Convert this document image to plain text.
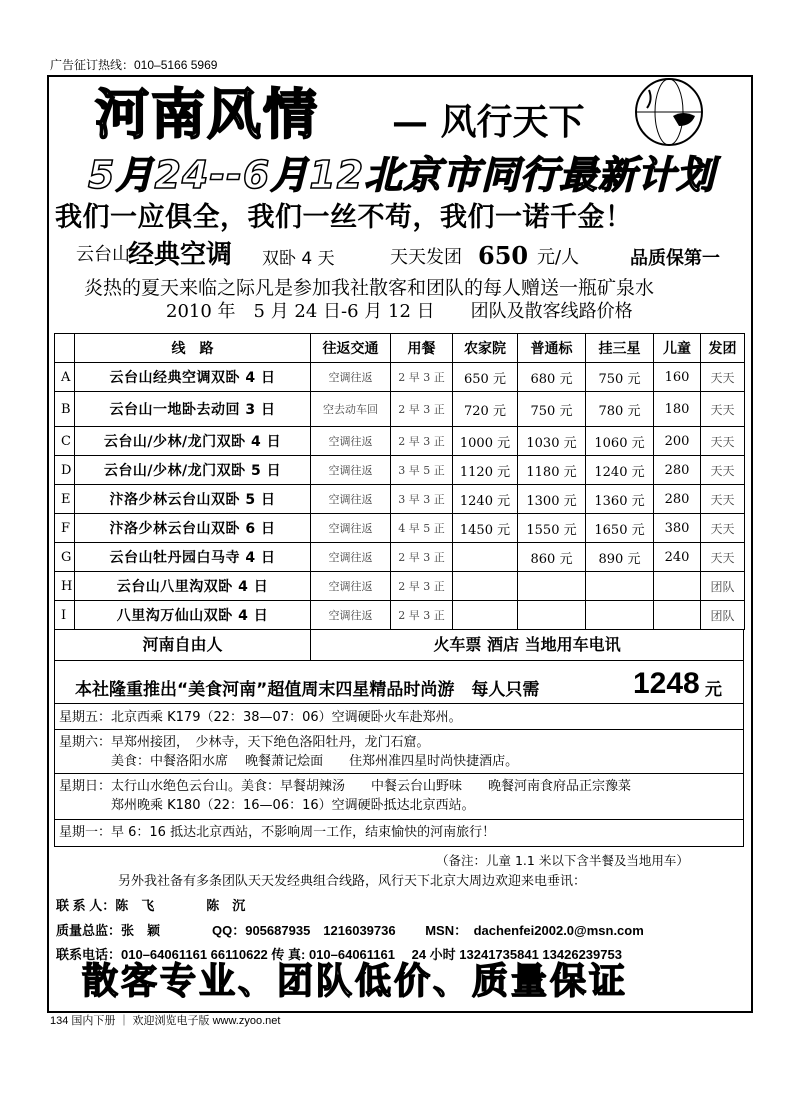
广告征订热线：010–5166 5969
河南风情 — 风行天下
5月24--6月12北京市同行最新计划
我们一应俱全，我们一丝不苟，我们一诺千金！
云台山
经典空调 双卧 4 天	天天发团 650 元/人	品质保第一
炎热的夏天来临之际凡是参加我社散客和团队的每人赠送一瓶矿泉水
2010 年　5 月 24 日-6 月 12 日　　团队及散客线路价格
	线　路	往返交通	用餐	农家院	普通标	挂三星	儿童	发团
A	云台山经典空调双卧 4 日	空调往返	2 早 3 正	650 元	680 元	750 元	160	天天
B	云台山一地卧去动回 3 日	空去动车回	2 早 3 正	720 元	750 元	780 元	180	天天
C	云台山/少林/龙门双卧 4 日	空调往返	2 早 3 正	1000 元	1030 元	1060 元	200	天天
D	云台山/少林/龙门双卧 5 日	空调往返	3 早 5 正	1120 元	1180 元	1240 元	280	天天
E	汴洛少林云台山双卧 5 日	空调往返	3 早 3 正	1240 元	1300 元	1360 元	280	天天
F	汴洛少林云台山双卧 6 日	空调往返	4 早 5 正	1450 元	1550 元	1650 元	380	天天
G	云台山牡丹园白马寺 4 日	空调往返	2 早 3 正		860 元	890 元	240	天天
H	云台山八里沟双卧 4 日	空调往返	2 早 3 正					团队
I	八里沟万仙山双卧 4 日	空调往返	2 早 3 正					团队
河南自由人	火车票 酒店 当地用车电讯
本社隆重推出“美食河南”超值周末四星精品时尚游　每人只需	1248 元
星期五：北京西乘 K179（22：38—07：06）空调硬卧火车赴郑州。
星期六：早郑州接团，　少林寺，天下绝色洛阳牡丹，龙门石窟。
　　　　美食：中餐洛阳水席　 晚餐萧记烩面　　住郑州准四星时尚快捷酒店。
星期日：太行山水绝色云台山。美食：早餐胡辣汤　　中餐云台山野味　　晚餐河南食府品正宗豫菜
　　　　郑州晚乘 K180（22：16—06：16）空调硬卧抵达北京西站。
星期一：早 6：16 抵达北京西站，不影响周一工作，结束愉快的河南旅行！
（备注：儿童 1.1 米以下含半餐及当地用车）
另外我社备有多条团队天天发经典组合线路，风行天下北京大周边欢迎来电垂讯：
联 系 人：陈　飞　　　　陈　沉
质量总监：张　颖　　　　QQ：905687935　1216039736　　 MSN：　dachenfei2002.0@msn.com
联系电话：010–64061161 66110622 传 真: 010–64061161　 24 小时 13241735841 13426239753
散客专业、团队低价、质量保证
134 国内下册 ｜ 欢迎浏览电子版 www.zyoo.net
